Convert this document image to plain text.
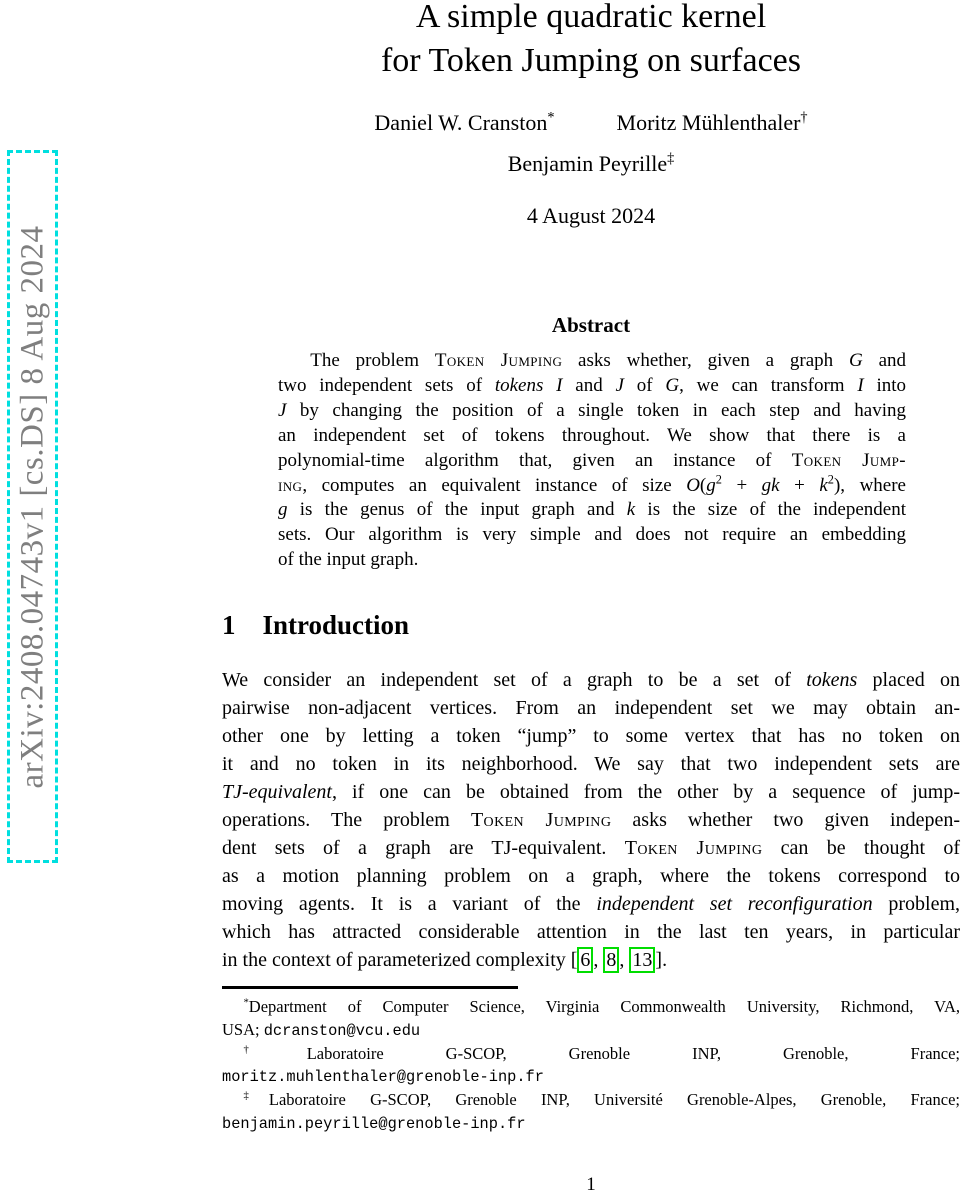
arXiv:2408.04743v1 [cs.DS] 8 Aug 2024
A simple quadratic kernel
for Token Jumping on surfaces
Daniel W. Cranston*	Moritz Mühlenthaler†
Benjamin Peyrille‡
4 August 2024
Abstract
The problem Token Jumping asks whether, given a graph G and
two independent sets of tokens I and J of G, we can transform I into
J by changing the position of a single token in each step and having
an independent set of tokens throughout. We show that there is a
polynomial-time algorithm that, given an instance of Token Jump-
ing, computes an equivalent instance of size $O(g^2$ + gk + $k^2$), where
g is the genus of the input graph and k is the size of the independent
sets. Our algorithm is very simple and does not require an embedding
of the input graph.
1 Introduction
We consider an independent set of a graph to be a set of tokens placed on
pairwise non-adjacent vertices. From an independent set we may obtain an-
other one by letting a token “jump” to some vertex that has no token on
it and no token in its neighborhood. We say that two independent sets are
TJ-equivalent, if one can be obtained from the other by a sequence of jump-
operations. The problem Token Jumping asks whether two given indepen-
dent sets of a graph are TJ-equivalent. Token Jumping can be thought of
as a motion planning problem on a graph, where the tokens correspond to
moving agents. It is a variant of the independent set reconfiguration problem,
which has attracted considerable attention in the last ten years, in particular
in the context of parameterized complexity [ 6 , 8 , 13 ].
*Department of Computer Science, Virginia Commonwealth University, Richmond, VA,
USA; dcranston@vcu.edu
†Laboratoire G-SCOP, Grenoble INP, Grenoble, France;
moritz.muhlenthaler@grenoble-inp.fr
‡Laboratoire G-SCOP, Grenoble INP, Université Grenoble-Alpes, Grenoble, France;
benjamin.peyrille@grenoble-inp.fr
1
